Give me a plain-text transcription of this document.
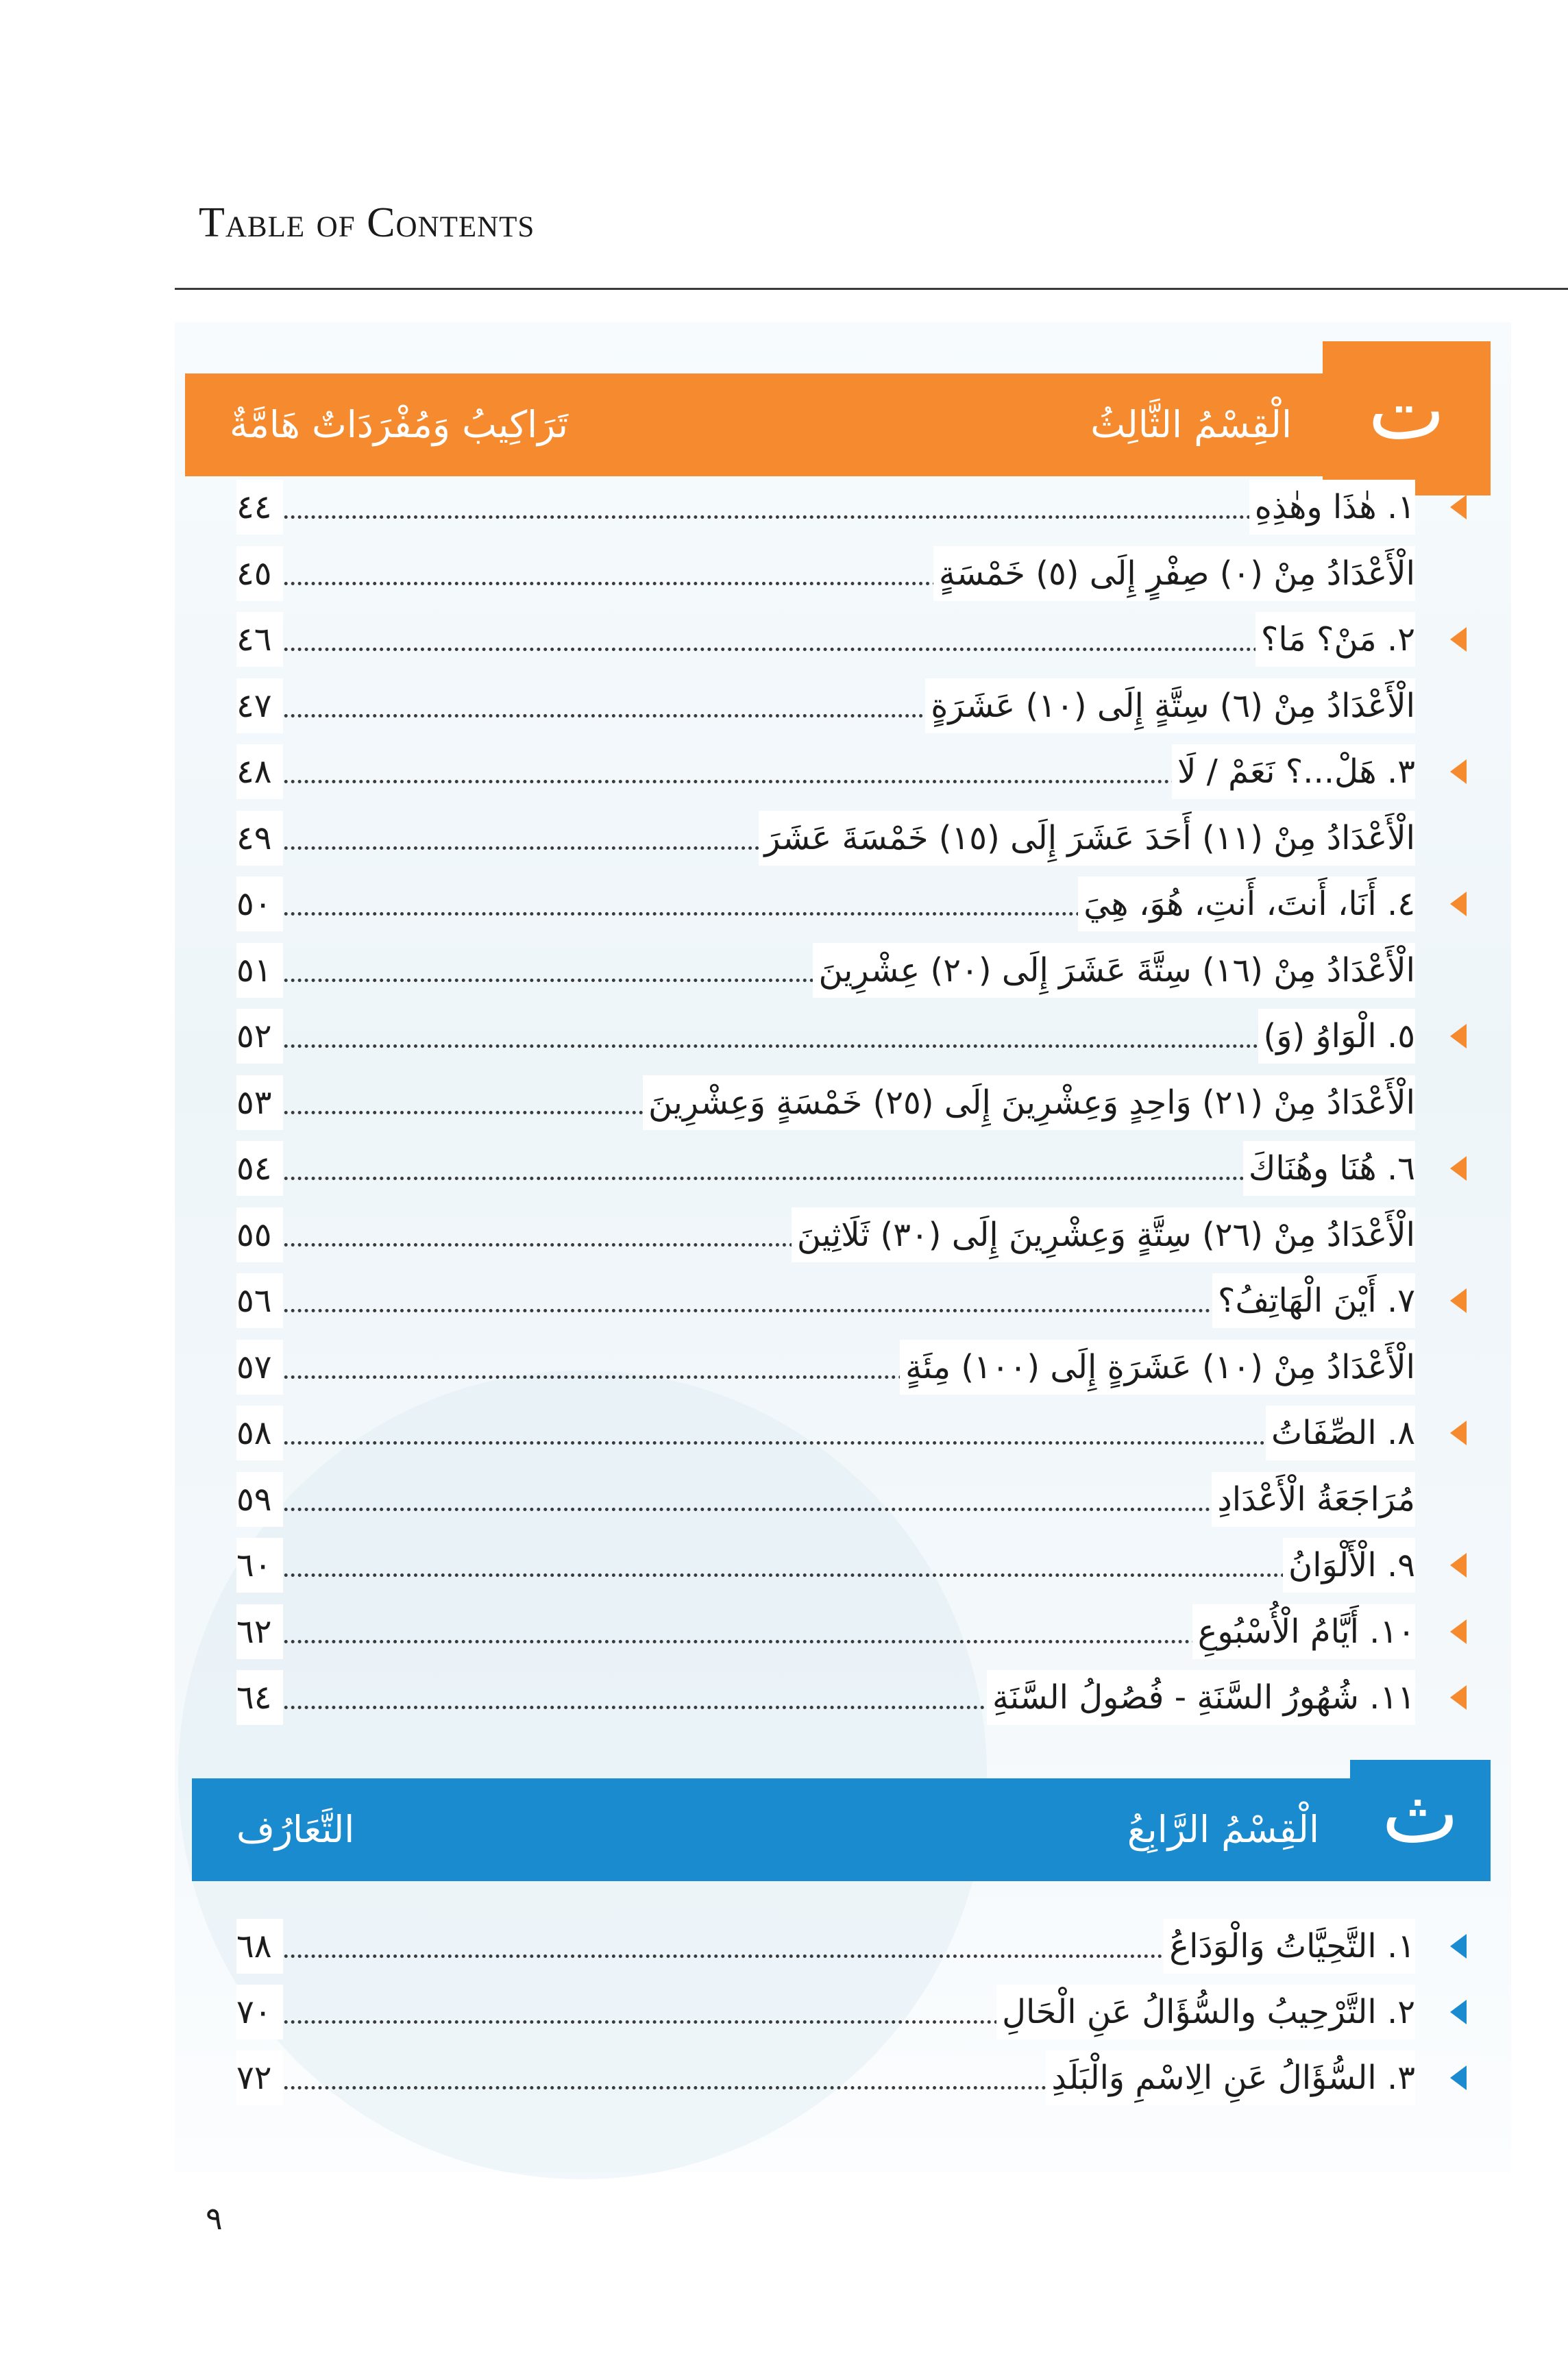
Table of Contents
الْقِسْمُ الثَّالِثُ
تَرَاكِيبُ وَمُفْرَدَاتٌ هَامَّةٌ	ت
١. هٰذَا وهٰذِهِ
٤٤
الْأَعْدَادُ مِنْ (٠) صِفْرٍ إِلَى (٥) خَمْسَةٍ
٤٥
٢. مَنْ؟ مَا؟
٤٦
الْأَعْدَادُ مِنْ (٦) سِتَّةٍ إِلَى (١٠) عَشَرَةٍ
٤٧
٣. هَلْ...؟ نَعَمْ / لَا
٤٨
الْأَعْدَادُ مِنْ (١١) أَحَدَ عَشَرَ إِلَى (١٥) خَمْسَةَ عَشَرَ
٤٩
٤. أَنَا، أَنتَ، أَنتِ، هُوَ، هِيَ
٥٠
الْأَعْدَادُ مِنْ (١٦) سِتَّةَ عَشَرَ إِلَى (٢٠) عِشْرِينَ
٥١
٥. الْوَاوُ (وَ)
٥٢
الْأَعْدَادُ مِنْ (٢١) وَاحِدٍ وَعِشْرِينَ إِلَى (٢٥) خَمْسَةٍ وَعِشْرِينَ
٥٣
٦. هُنَا وهُنَاكَ
٥٤
الْأَعْدَادُ مِنْ (٢٦) سِتَّةٍ وَعِشْرِينَ إِلَى (٣٠) ثَلَاثِينَ
٥٥
٧. أَيْنَ الْهَاتِفُ؟
٥٦
الْأَعْدَادُ مِنْ (١٠) عَشَرَةٍ إِلَى (١٠٠) مِئَةٍ
٥٧
٨. الصِّفَاتُ
٥٨
مُرَاجَعَةُ الْأَعْدَادِ
٥٩
٩. الْأَلْوَانُ
٦٠
١٠. أَيَّامُ الْأُسْبُوعِ
٦٢
١١. شُهُورُ السَّنَةِ - فُصُولُ السَّنَةِ
٦٤
الْقِسْمُ الرَّابِعُ
التَّعَارُف	ث
١. التَّحِيَّاتُ وَالْوَدَاعُ
٦٨
٢. التَّرْحِيبُ والسُّؤَالُ عَنِ الْحَالِ
٧٠
٣. السُّؤَالُ عَنِ الِاسْمِ وَالْبَلَدِ
٧٢
٩
